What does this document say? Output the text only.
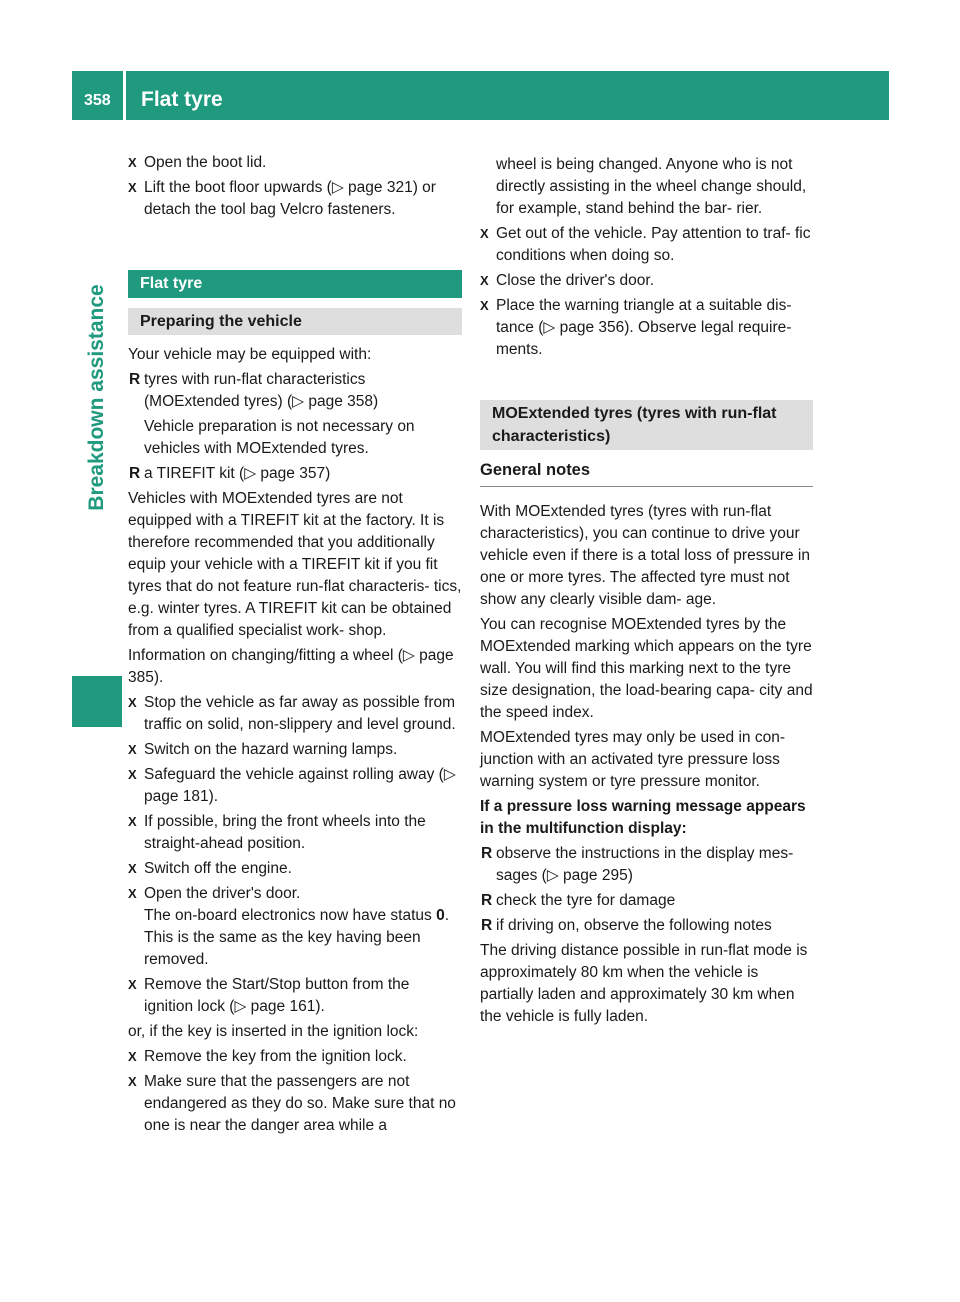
358 Flat tyre
Breakdown assistance
X Open the boot lid.
X Lift the boot floor upwards (▷ page 321) or detach the tool bag Velcro fasteners.
Flat tyre
Preparing the vehicle

Your vehicle may be equipped with:

R tyres with run-flat characteristics (MOExtended tyres) (▷ page 358)
Vehicle preparation is not necessary on vehicles with MOExtended tyres.
R a TIREFIT kit (▷ page 357)

Vehicles with MOExtended tyres are not equipped with a TIREFIT kit at the factory. It is therefore recommended that you additionally equip your vehicle with a TIREFIT kit if you fit tyres that do not feature run-flat characteris- tics, e.g. winter tyres. A TIREFIT kit can be obtained from a qualified specialist work- shop.

Information on changing/fitting a wheel (▷ page 385).

X Stop the vehicle as far away as possible from traffic on solid, non-slippery and level ground.
X Switch on the hazard warning lamps.
X Safeguard the vehicle against rolling away (▷ page 181).
X If possible, bring the front wheels into the straight-ahead position.
X Switch off the engine.
X Open the driver's door.
The on-board electronics now have status 0. This is the same as the key having been removed.
X Remove the Start/Stop button from the ignition lock (▷ page 161).

or, if the key is inserted in the ignition lock:

X Remove the key from the ignition lock.
X Make sure that the passengers are not endangered as they do so. Make sure that no one is near the danger area while a
wheel is being changed. Anyone who is not directly assisting in the wheel change should, for example, stand behind the bar- rier.
X Get out of the vehicle. Pay attention to traf- fic conditions when doing so.
X Close the driver's door.
X Place the warning triangle at a suitable dis- tance (▷ page 356). Observe legal require- ments.
MOExtended tyres (tyres with run-flat characteristics)
General notes

With MOExtended tyres (tyres with run-flat characteristics), you can continue to drive your vehicle even if there is a total loss of pressure in one or more tyres. The affected tyre must not show any clearly visible dam- age.

You can recognise MOExtended tyres by the MOExtended marking which appears on the tyre wall. You will find this marking next to the tyre size designation, the load-bearing capa- city and the speed index.

MOExtended tyres may only be used in con- junction with an activated tyre pressure loss warning system or tyre pressure monitor.

If a pressure loss warning message appears in the multifunction display:

R observe the instructions in the display mes- sages (▷ page 295)
R check the tyre for damage
R if driving on, observe the following notes

The driving distance possible in run-flat mode is approximately 80 km when the vehicle is partially laden and approximately 30 km when the vehicle is fully laden.
